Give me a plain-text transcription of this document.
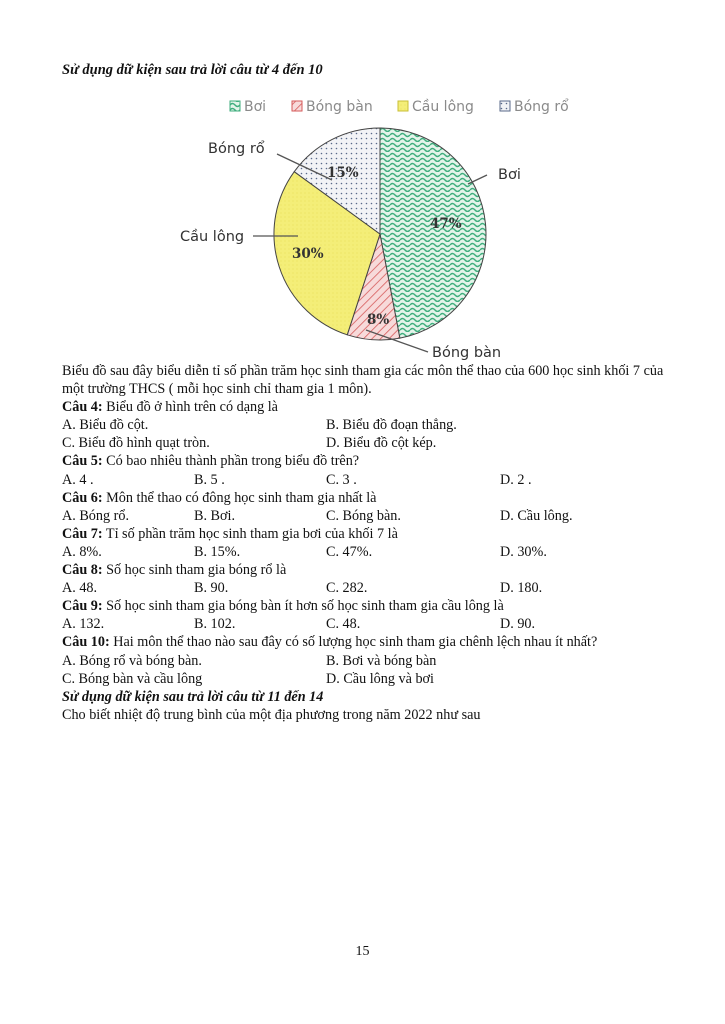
Sử dụng dữ kiện sau trả lời câu từ 4 đến 10
Bơi	Bóng bàn	Cầu lông	Bóng rổ
47%
8%
30%
15%	Bơi
Bóng bàn
Cầu lông
Bóng rổ
Biểu đồ sau đây biểu diễn tỉ số phần trăm học sinh tham gia các môn thể thao của 600 học sinh khối 7 của một trường THCS ( mỗi học sinh chỉ tham gia 1 môn).
Câu 4: Biểu đồ ở hình trên có dạng là
A. Biểu đồ cột.	B. Biểu đồ đoạn thẳng.
C. Biểu đồ hình quạt tròn.	D. Biểu đồ cột kép.
Câu 5: Có bao nhiêu thành phần trong biểu đồ trên?
A. 4 .	B. 5 .	C. 3 .	D. 2 .
Câu 6: Môn thể thao có đông học sinh tham gia nhất là
A. Bóng rổ.	B. Bơi.	C. Bóng bàn.	D. Cầu lông.
Câu 7: Tỉ số phần trăm học sinh tham gia bơi của khối 7 là
A. 8%.	B. 15%.	C. 47%.	D. 30%.
Câu 8: Số học sinh tham gia bóng rổ là
A. 48.	B. 90.	C. 282.	D. 180.
Câu 9: Số học sinh tham gia bóng bàn ít hơn số học sinh tham gia cầu lông là
A. 132.	B. 102.	C. 48.	D. 90.
Câu 10: Hai môn thể thao nào sau đây có số lượng học sinh tham gia chênh lệch nhau ít nhất?
A. Bóng rổ và bóng bàn.	B. Bơi và bóng bàn
C. Bóng bàn và cầu lông	D. Cầu lông và bơi
Sử dụng dữ kiện sau trả lời câu từ 11 đến 14
Cho biết nhiệt độ trung bình của một địa phương trong năm 2022 như sau
15
